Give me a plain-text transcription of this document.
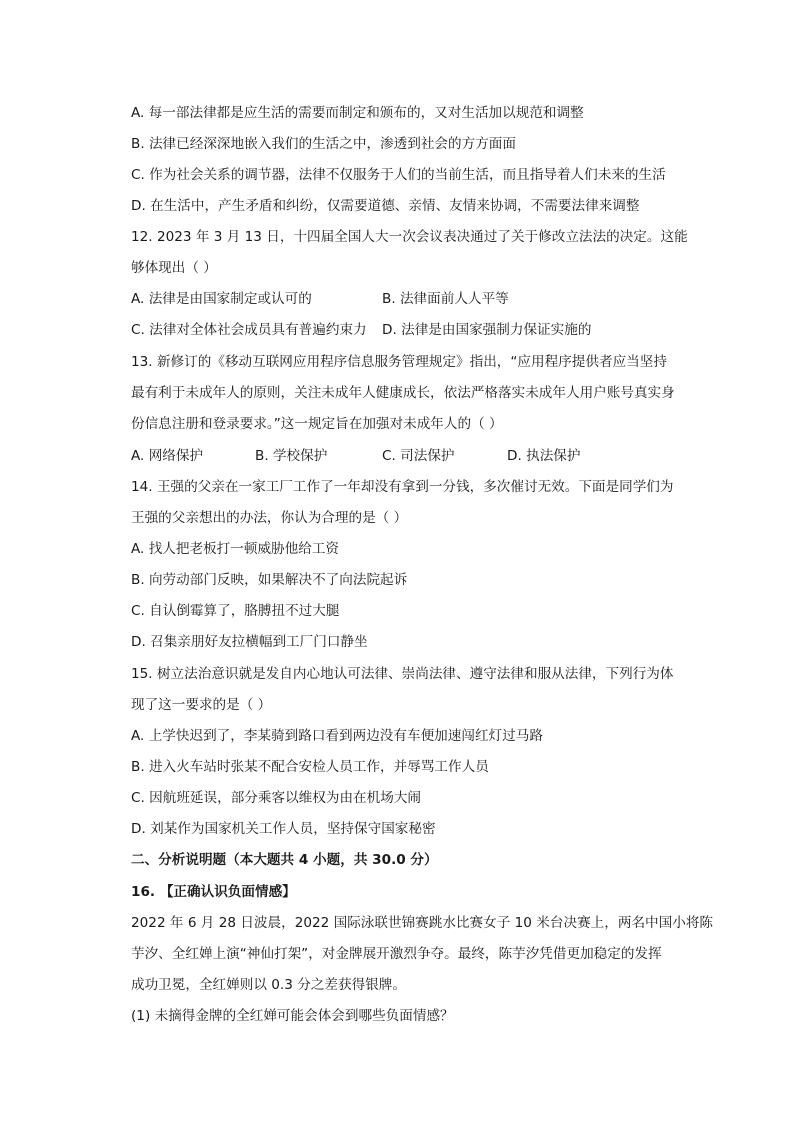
A. 每一部法律都是应生活的需要而制定和颁布的，又对生活加以规范和调整
B. 法律已经深深地嵌入我们的生活之中，渗透到社会的方方面面
C. 作为社会关系的调节器，法律不仅服务于人们的当前生活，而且指导着人们未来的生活
D. 在生活中，产生矛盾和纠纷，仅需要道德、亲情、友情来协调，不需要法律来调整
12. 2023 年 3 月 13 日，十四届全国人大一次会议表决通过了关于修改立法法的决定。这能
够体现出（ ）
A. 法律是由国家制定或认可的	B. 法律面前人人平等
C. 法律对全体社会成员具有普遍约束力 D. 法律是由国家强制力保证实施的
13. 新修订的《移动互联网应用程序信息服务管理规定》指出，“应用程序提供者应当坚持
最有利于未成年人的原则，关注未成年人健康成长，依法严格落实未成年人用户账号真实身
份信息注册和登录要求。”这一规定旨在加强对未成年人的（ ）
A. 网络保护	B. 学校保护	C. 司法保护	D. 执法保护
14. 王强的父亲在一家工厂工作了一年却没有拿到一分钱，多次催讨无效。下面是同学们为
王强的父亲想出的办法，你认为合理的是（ ）
A. 找人把老板打一顿威胁他给工资
B. 向劳动部门反映，如果解决不了向法院起诉
C. 自认倒霉算了，胳膊扭不过大腿
D. 召集亲朋好友拉横幅到工厂门口静坐
15. 树立法治意识就是发自内心地认可法律、崇尚法律、遵守法律和服从法律，下列行为体
现了这一要求的是（ ）
A. 上学快迟到了，李某骑到路口看到两边没有车便加速闯红灯过马路
B. 进入火车站时张某不配合安检人员工作，并辱骂工作人员
C. 因航班延误，部分乘客以维权为由在机场大闹
D. 刘某作为国家机关工作人员，坚持保守国家秘密
二、分析说明题（本大题共 4 小题，共 30.0 分）
16. 【正确认识负面情感】
2022 年 6 月 28 日波晨，2022 国际泳联世锦赛跳水比赛女子 10 米台决赛上，两名中国小将陈
芋汐、全红婵上演“神仙打架”，对金牌展开激烈争夺。最终，陈芋汐凭借更加稳定的发挥
成功卫冕，全红婵则以 0.3 分之差获得银牌。
(1) 未摘得金牌的全红婵可能会体会到哪些负面情感？
